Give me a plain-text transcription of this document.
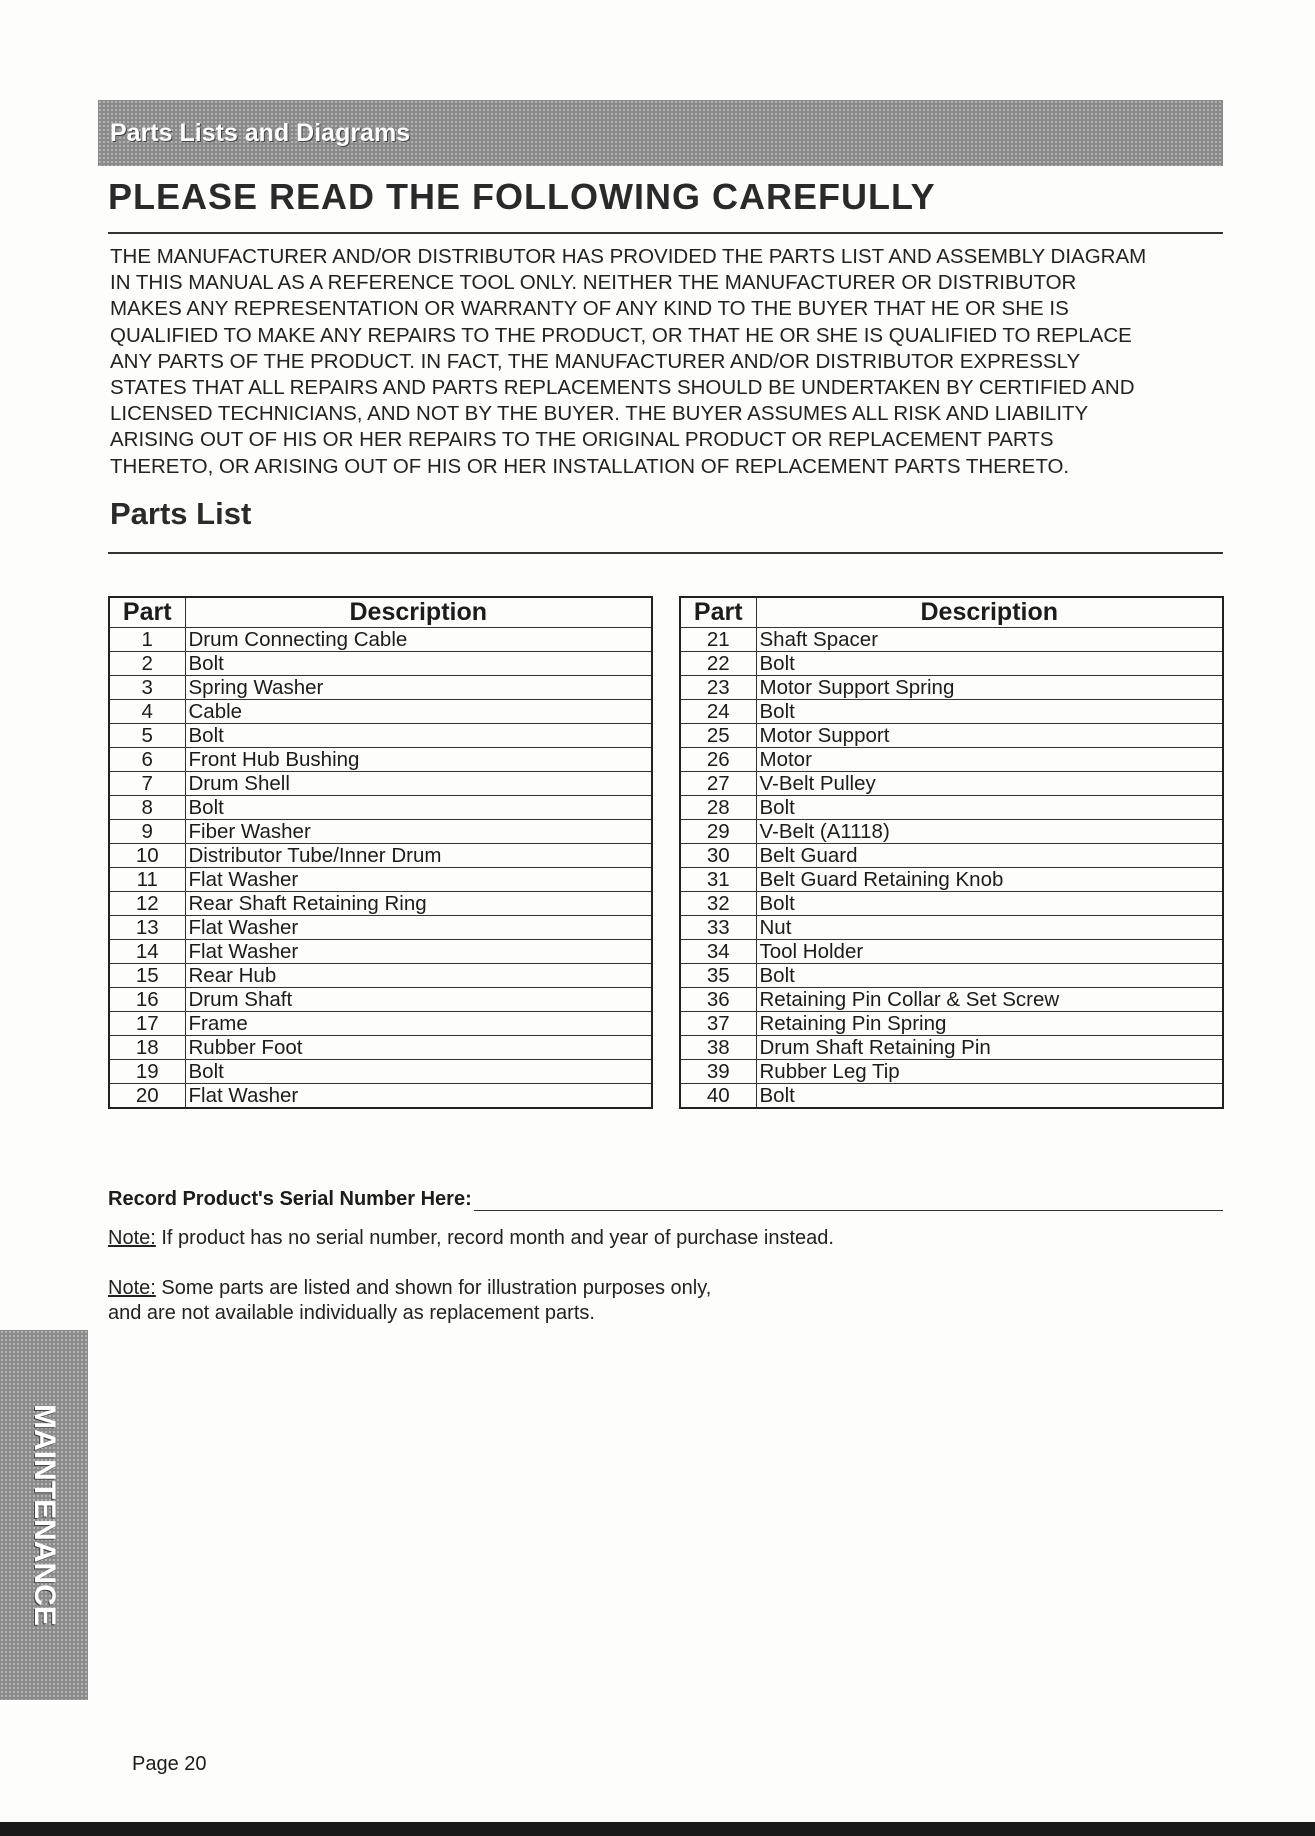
Parts Lists and Diagrams
PLEASE READ THE FOLLOWING CAREFULLY

THE MANUFACTURER AND/OR DISTRIBUTOR HAS PROVIDED THE PARTS LIST AND ASSEMBLY DIAGRAM
IN THIS MANUAL AS A REFERENCE TOOL ONLY. NEITHER THE MANUFACTURER OR DISTRIBUTOR
MAKES ANY REPRESENTATION OR WARRANTY OF ANY KIND TO THE BUYER THAT HE OR SHE IS
QUALIFIED TO MAKE ANY REPAIRS TO THE PRODUCT, OR THAT HE OR SHE IS QUALIFIED TO REPLACE
ANY PARTS OF THE PRODUCT. IN FACT, THE MANUFACTURER AND/OR DISTRIBUTOR EXPRESSLY
STATES THAT ALL REPAIRS AND PARTS REPLACEMENTS SHOULD BE UNDERTAKEN BY CERTIFIED AND
LICENSED TECHNICIANS, AND NOT BY THE BUYER. THE BUYER ASSUMES ALL RISK AND LIABILITY
ARISING OUT OF HIS OR HER REPAIRS TO THE ORIGINAL PRODUCT OR REPLACEMENT PARTS
THERETO, OR ARISING OUT OF HIS OR HER INSTALLATION OF REPLACEMENT PARTS THERETO.

Parts List
Part	Description
1	Drum Connecting Cable
2	Bolt
3	Spring Washer
4	Cable
5	Bolt
6	Front Hub Bushing
7	Drum Shell
8	Bolt
9	Fiber Washer
10	Distributor Tube/Inner Drum
11	Flat Washer
12	Rear Shaft Retaining Ring
13	Flat Washer
14	Flat Washer
15	Rear Hub
16	Drum Shaft
17	Frame
18	Rubber Foot
19	Bolt
20	Flat Washer
Part	Description
21	Shaft Spacer
22	Bolt
23	Motor Support Spring
24	Bolt
25	Motor Support
26	Motor
27	V-Belt Pulley
28	Bolt
29	V-Belt (A1118)
30	Belt Guard
31	Belt Guard Retaining Knob
32	Bolt
33	Nut
34	Tool Holder
35	Bolt
36	Retaining Pin Collar & Set Screw
37	Retaining Pin Spring
38	Drum Shaft Retaining Pin
39	Rubber Leg Tip
40	Bolt
Record Product's Serial Number Here:

Note: If product has no serial number, record month and year of purchase instead.

Note: Some parts are listed and shown for illustration purposes only,
and are not available individually as replacement parts.

MAINTENANCE

Page 20
